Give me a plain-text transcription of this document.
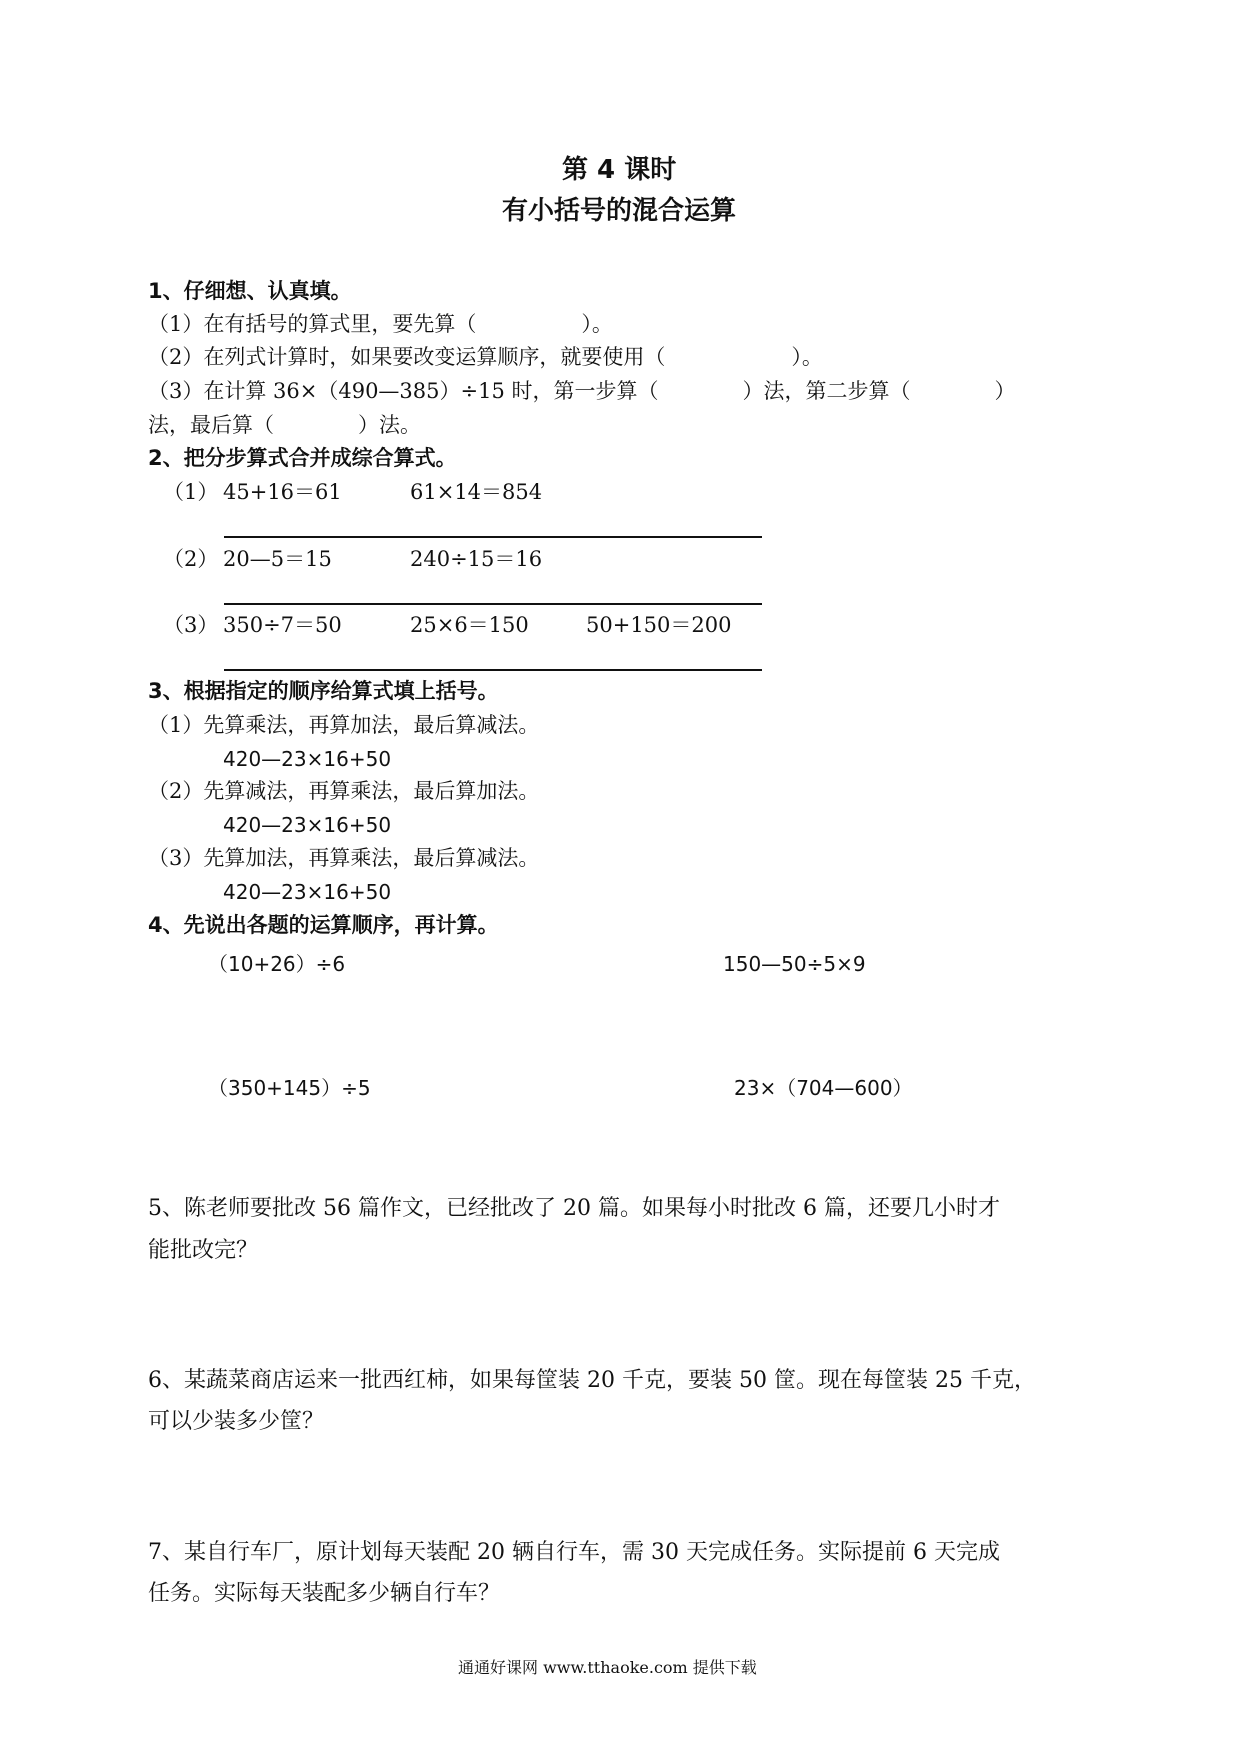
第 4 课时
有小括号的混合运算
1、仔细想、认真填。
（1）在有括号的算式里，要先算（　　　　　）。
（2）在列式计算时，如果要改变运算顺序，就要使用（　　　　　　）。
（3）在计算 36×（490—385）÷15 时，第一步算（　　　　）法，第二步算（　　　　）
法，最后算（　　　　）法。
2、把分步算式合并成综合算式。
（1） 45+16＝61	61×14＝854
（2） 20—5＝15	240÷15＝16
（3） 350÷7＝50	25×6＝150	50+150＝200
3、根据指定的顺序给算式填上括号。
（1）先算乘法，再算加法，最后算减法。
420—23×16+50
（2）先算减法，再算乘法，最后算加法。
420—23×16+50
（3）先算加法，再算乘法，最后算减法。
420—23×16+50
4、先说出各题的运算顺序，再计算。
（10+26）÷6	150—50÷5×9
（350+145）÷5	23×（704—600）
5、陈老师要批改 56 篇作文，已经批改了 20 篇。如果每小时批改 6 篇，还要几小时才
能批改完？
6、某蔬菜商店运来一批西红柿，如果每筐装 20 千克，要装 50 筐。现在每筐装 25 千克，
可以少装多少筐？
7、某自行车厂，原计划每天装配 20 辆自行车，需 30 天完成任务。实际提前 6 天完成
任务。实际每天装配多少辆自行车？
通通好课网 www.tthaoke.com 提供下载
